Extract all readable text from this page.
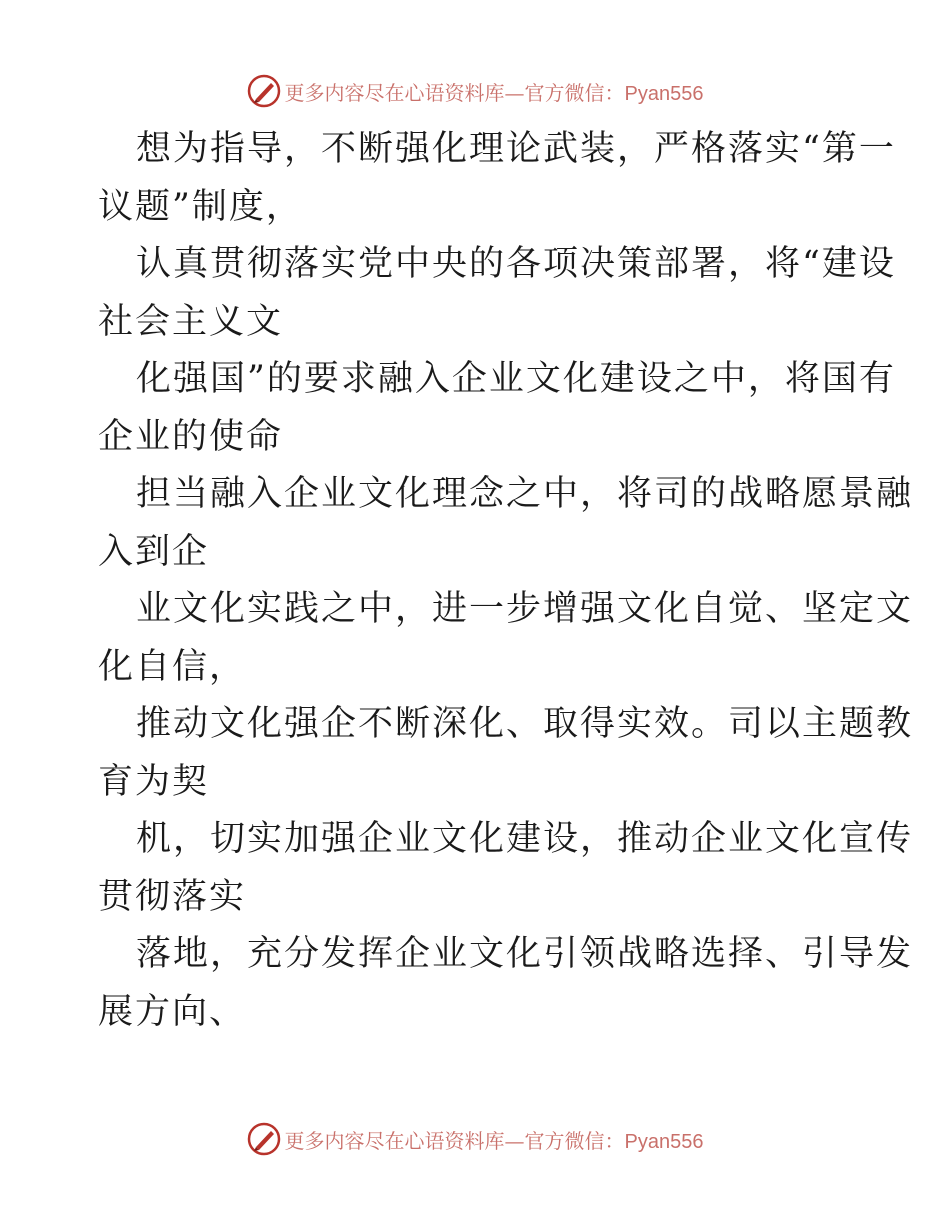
更多内容尽在心语资料库—官方微信：Pyan556
想为指导，不断强化理论武装，严格落实“第一
议题”制度，
认真贯彻落实党中央的各项决策部署，将“建设
社会主义文
化强国”的要求融入企业文化建设之中，将国有
企业的使命
担当融入企业文化理念之中，将司的战略愿景融
入到企
业文化实践之中，进一步增强文化自觉、坚定文
化自信，
推动文化强企不断深化、取得实效。司以主题教
育为契
机，切实加强企业文化建设，推动企业文化宣传
贯彻落实
落地，充分发挥企业文化引领战略选择、引导发
展方向、
更多内容尽在心语资料库—官方微信：Pyan556
